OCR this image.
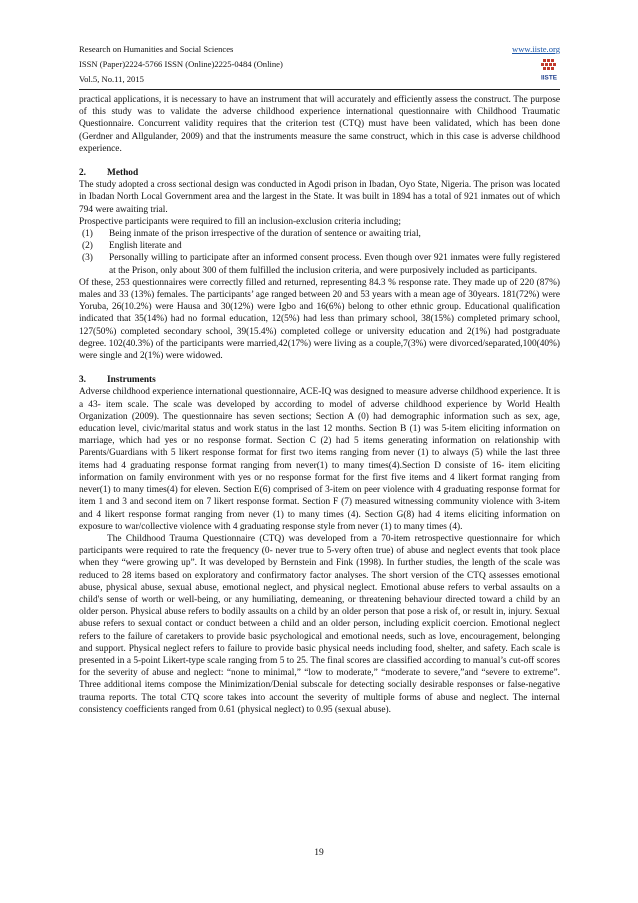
Research on Humanities and Social Sciences	www.iiste.org
ISSN (Paper)2224-5766 ISSN (Online)2225-0484 (Online)
Vol.5, No.11, 2015	IISTE

practical applications, it is necessary to have an instrument that will accurately and efficiently assess the construct. The purpose of this study was to validate the adverse childhood experience international questionnaire with Childhood Traumatic Questionnaire. Concurrent validity requires that the criterion test (CTQ) must have been validated, which has been done (Gerdner and Allgulander, 2009) and that the instruments measure the same construct, which in this case is adverse childhood experience.

2. Method

The study adopted a cross sectional design was conducted in Agodi prison in Ibadan, Oyo State, Nigeria. The prison was located in Ibadan North Local Government area and the largest in the State. It was built in 1894 has a total of 921 inmates out of which 794 were awaiting trial.

Prospective participants were required to fill an inclusion-exclusion criteria including;

(1)	Being inmate of the prison irrespective of the duration of sentence or awaiting trial,
(2)	English literate and
(3)	Personally willing to participate after an informed consent process. Even though over 921 inmates were fully registered at the Prison, only about 300 of them fulfilled the inclusion criteria, and were purposively included as participants.

Of these, 253 questionnaires were correctly filled and returned, representing 84.3 % response rate. They made up of 220 (87%) males and 33 (13%) females. The participants’ age ranged between 20 and 53 years with a mean age of 30years. 181(72%) were Yoruba, 26(10.2%) were Hausa and 30(12%) were Igbo and 16(6%) belong to other ethnic group. Educational qualification indicated that 35(14%) had no formal education, 12(5%) had less than primary school, 38(15%) completed primary school, 127(50%) completed secondary school, 39(15.4%) completed college or university education and 2(1%) had postgraduate degree. 102(40.3%) of the participants were married,42(17%) were living as a couple,7(3%) were divorced/separated,100(40%) were single and 2(1%) were widowed.

3. Instruments

Adverse childhood experience international questionnaire, ACE-IQ was designed to measure adverse childhood experience. It is a 43- item scale. The scale was developed by according to model of adverse childhood experience by World Health Organization (2009). The questionnaire has seven sections; Section A (0) had demographic information such as sex, age, education level, civic/marital status and work status in the last 12 months. Section B (1) was 5-item eliciting information on marriage, which had yes or no response format. Section C (2) had 5 items generating information on relationship with Parents/Guardians with 5 likert response format for first two items ranging from never (1) to always (5) while the last three items had 4 graduating response format ranging from never(1) to many times(4).Section D consiste of 16- item eliciting information on family environment with yes or no response format for the first five items and 4 likert format ranging from never(1) to many times(4) for eleven. Section E(6) comprised of 3-item on peer violence with 4 graduating response format for item 1 and 3 and second item on 7 likert response format. Section F (7) measured witnessing community violence with 3-item and 4 likert response format ranging from never (1) to many times (4). Section G(8) had 4 items eliciting information on exposure to war/collective violence with 4 graduating response style from never (1) to many times (4).

The Childhood Trauma Questionnaire (CTQ) was developed from a 70-item retrospective questionnaire for which participants were required to rate the frequency (0- never true to 5-very often true) of abuse and neglect events that took place when they “were growing up”. It was developed by Bernstein and Fink (1998). In further studies, the length of the scale was reduced to 28 items based on exploratory and confirmatory factor analyses. The short version of the CTQ assesses emotional abuse, physical abuse, sexual abuse, emotional neglect, and physical neglect. Emotional abuse refers to verbal assaults on a child's sense of worth or well-being, or any humiliating, demeaning, or threatening behaviour directed toward a child by an older person. Physical abuse refers to bodily assaults on a child by an older person that pose a risk of, or result in, injury. Sexual abuse refers to sexual contact or conduct between a child and an older person, including explicit coercion. Emotional neglect refers to the failure of caretakers to provide basic psychological and emotional needs, such as love, encouragement, belonging and support. Physical neglect refers to failure to provide basic physical needs including food, shelter, and safety. Each scale is presented in a 5-point Likert-type scale ranging from 5 to 25. The final scores are classified according to manual’s cut-off scores for the severity of abuse and neglect: “none to minimal,” “low to moderate,” “moderate to severe,”and “severe to extreme”. Three additional items compose the Minimization/Denial subscale for detecting socially desirable responses or false-negative trauma reports. The total CTQ score takes into account the severity of multiple forms of abuse and neglect. The internal consistency coefficients ranged from 0.61 (physical neglect) to 0.95 (sexual abuse).

19
